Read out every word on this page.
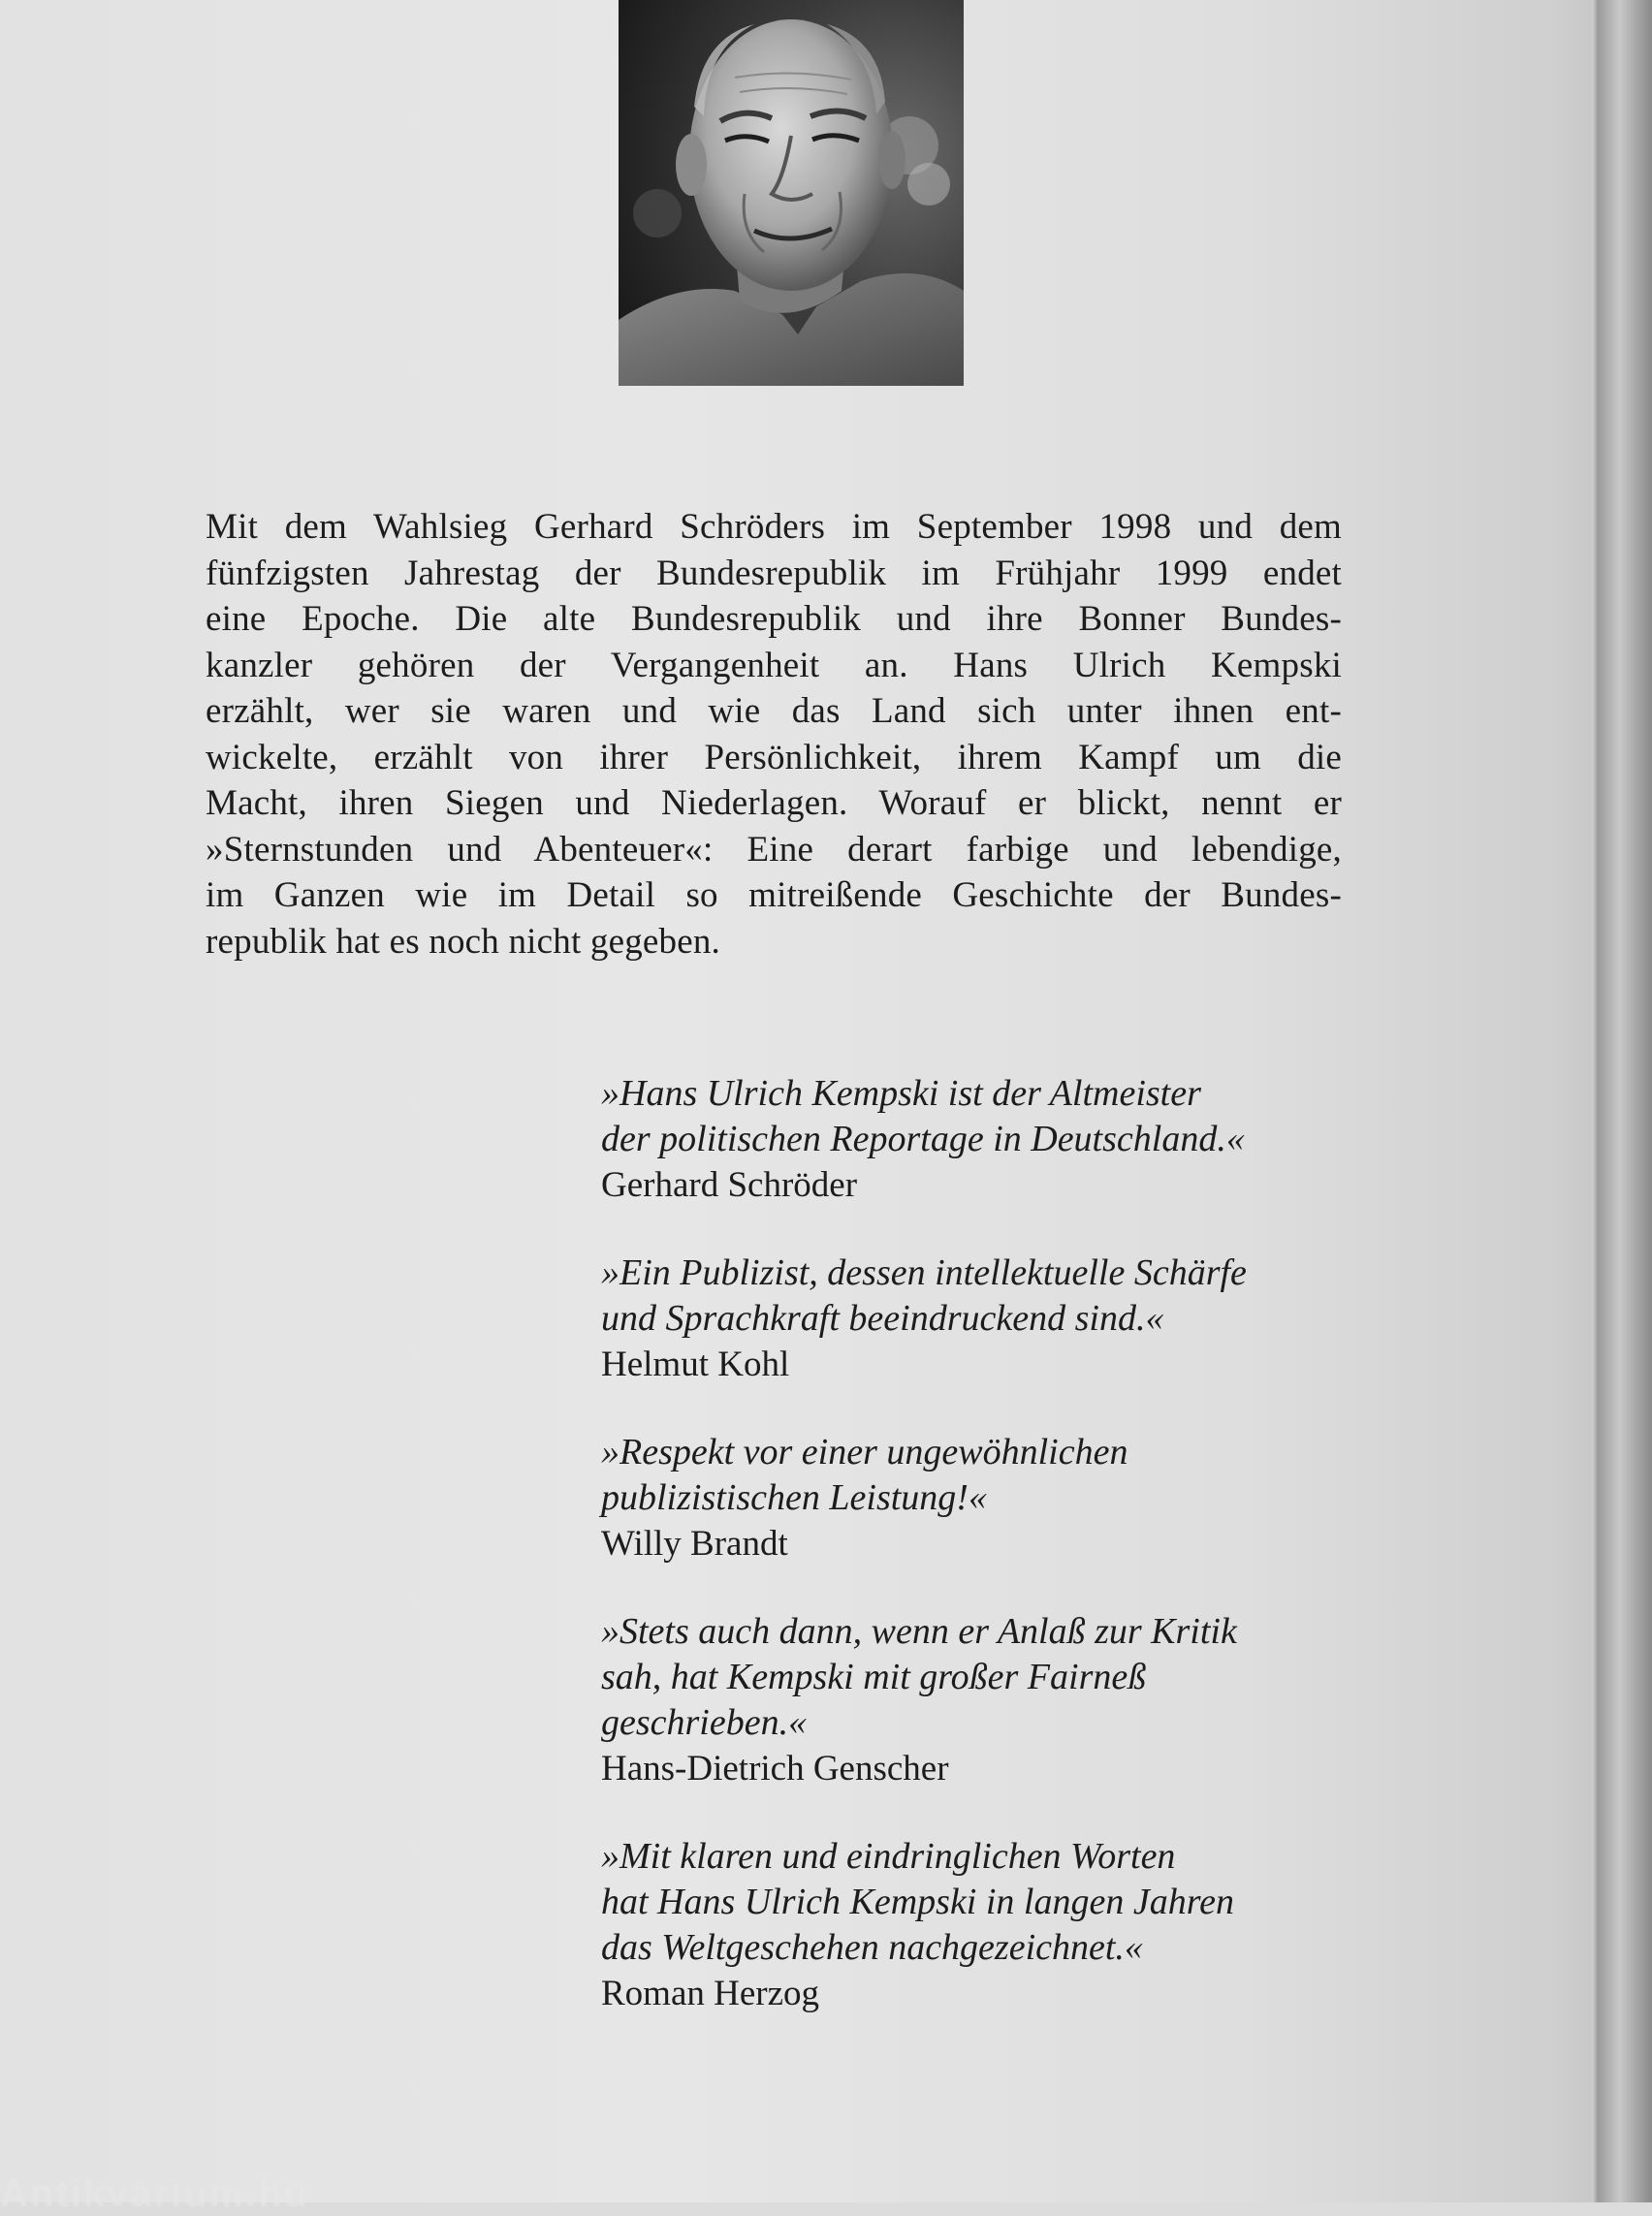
Mit dem Wahlsieg Gerhard Schröders im September 1998 und dem
fünfzigsten Jahrestag der Bundesrepublik im Frühjahr 1999 endet
eine Epoche. Die alte Bundesrepublik und ihre Bonner Bundes-
kanzler gehören der Vergangenheit an. Hans Ulrich Kempski
erzählt, wer sie waren und wie das Land sich unter ihnen ent-
wickelte, erzählt von ihrer Persönlichkeit, ihrem Kampf um die
Macht, ihren Siegen und Niederlagen. Worauf er blickt, nennt er
»Sternstunden und Abenteuer«: Eine derart farbige und lebendige,
im Ganzen wie im Detail so mitreißende Geschichte der Bundes-
republik hat es noch nicht gegeben.
»Hans Ulrich Kempski ist der Altmeister
der politischen Reportage in Deutschland.«
Gerhard Schröder
»Ein Publizist, dessen intellektuelle Schärfe
und Sprachkraft beeindruckend sind.«
Helmut Kohl
»Respekt vor einer ungewöhnlichen
publizistischen Leistung!«
Willy Brandt
»Stets auch dann, wenn er Anlaß zur Kritik
sah, hat Kempski mit großer Fairneß
geschrieben.«
Hans-Dietrich Genscher
»Mit klaren und eindringlichen Worten
hat Hans Ulrich Kempski in langen Jahren
das Weltgeschehen nachgezeichnet.«
Roman Herzog
Antikvárium.hu
